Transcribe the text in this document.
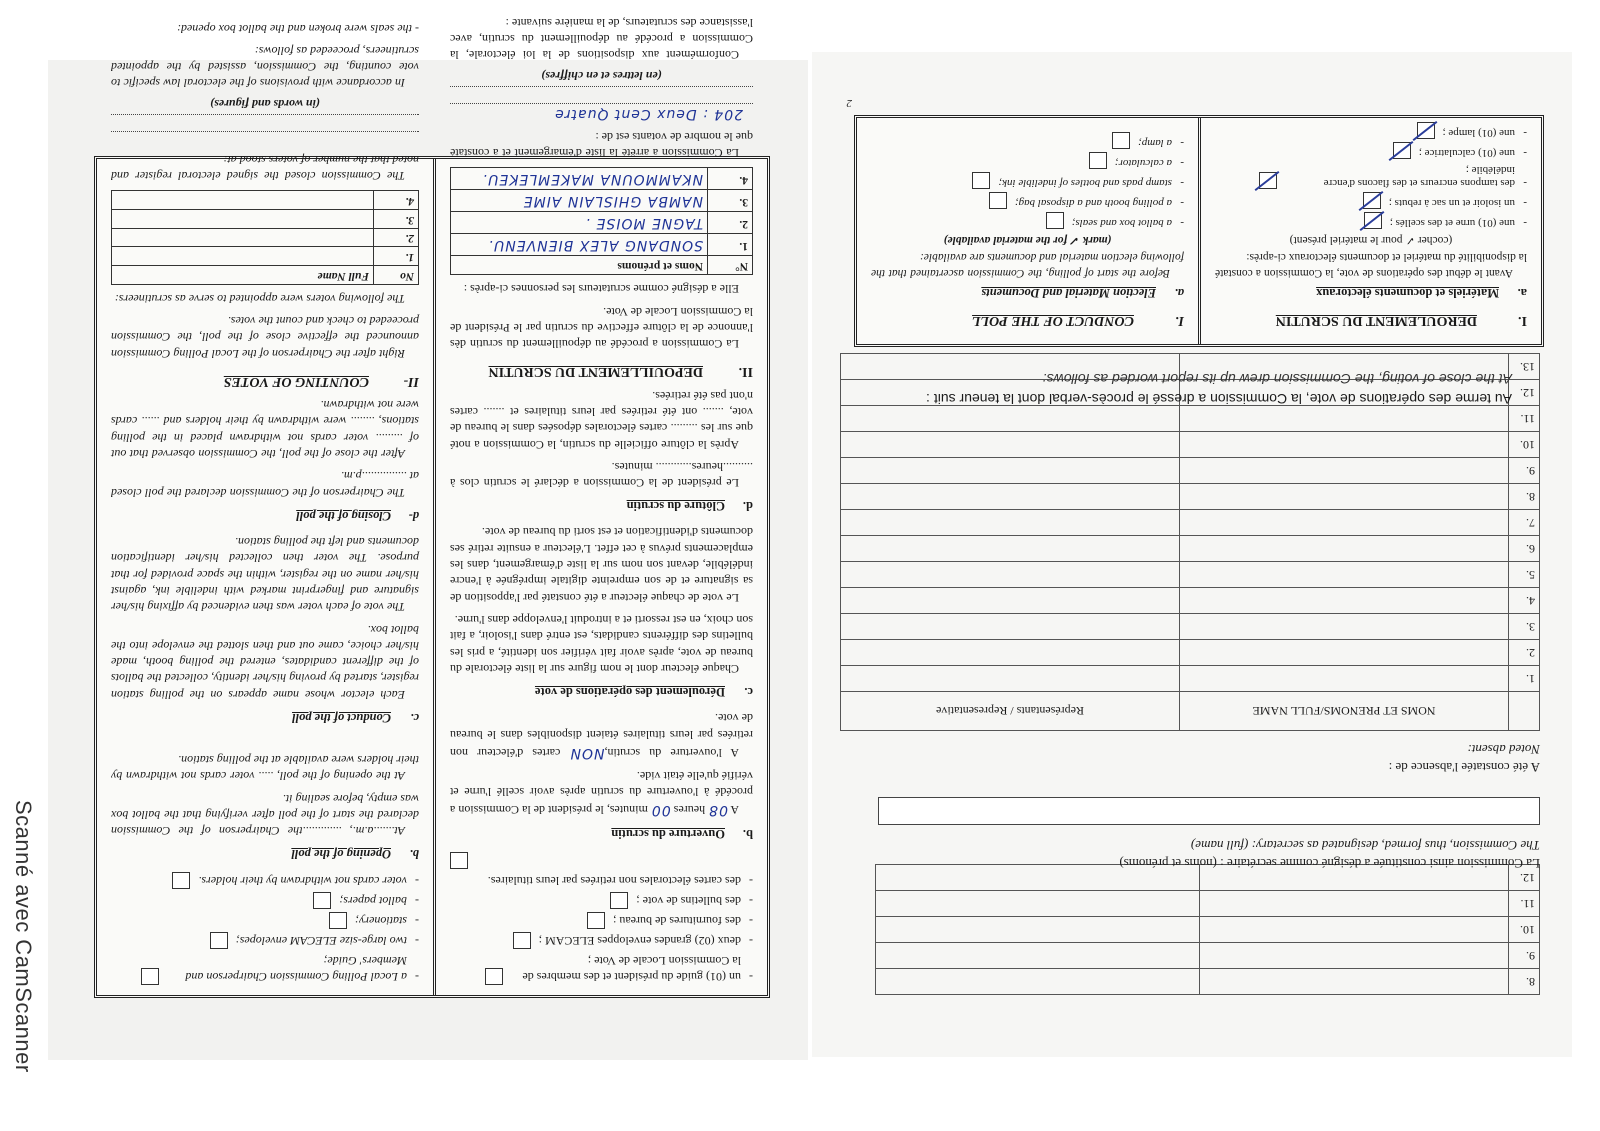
-
un (01) guide du président et des membres de la Commission Locale de Vote ;
-
deux (02) grandes enveloppes ELECAM ;
-
des fournitures de bureau ;
-
des bulletins de vote ;
-
des cartes électorales non retirées par leurs titulaires.
b.Ouverture du scrutin

A 08 heures 00 minutes, le président de la Commission a procédé à l'ouverture du scrutin après avoir scellé l'urne et vérifié qu'elle était vide.

A l'ouverture du scrutin,NON cartes d'électeur non retirées par leurs titulaires étaient disponibles dans le bureau de vote.

c.Déroulement des opérations de vote

Chaque électeur dont le nom figure sur la liste électorale du bureau de vote, après avoir fait vérifier son identité, a pris les bulletins des différents candidats, est entré dans l'isoloir, a fait son choix, en est ressorti et a introduit l'enveloppe dans l'urne.

Le vote de chaque électeur a été constaté par l'apposition de sa signature et de son empreinte digitale imprégnée à l'encre indélébile, devant son nom sur la liste d'émargement, dans les emplacements prévus à cet effet. L'électeur a ensuite retiré ses documents d'identification et est sorti du bureau de vote.

d.Clôture du scrutin

Le président de la Commission a déclaré le scrutin clos à ..........heures............ minutes.

Après la clôture officielle du scrutin, la Commission a noté que sur les ......... cartes électorales déposées dans le bureau de vote, ....... ont été retirées par leurs titulaires et ....... cartes n'ont pas été retirées.

II.DEPOUILLEMENT DU SCRUTIN

La Commission a procédé au dépouillement du scrutin dès l'annonce de la clôture effective du scrutin par le Président de la Commission Locale de Vote.

Elle a désigné comme scrutateurs les personnes ci-après :

N°	Noms et prénoms
1.	SONDANG ALEX BIENVENU.
2.	TAGNE MOISE .
3.	NAMBA GHISLAIN AIME
4.	NKAMMOUNA MAKEMLEKEU.

La Commission a arrêté la liste d'émargement et a constaté que le nombre de votants est de :

204 : Deux Cent Quatre
(en lettres et en chiffres)

Conformément aux dispositions de la loi électorale, la Commission a procédé au dépouillement du scrutin, avec l'assistance des scrutateurs, de la manière suivante :

-
a Local Polling Commission Chairperson and Members' Guide;
-
two large-size ELECAM envelopes;
-
stationery;
-
ballot papers;
-
voter cards not withdrawn by their holders.
b.Opening of the poll

At.......a.m., .............the Chairperson of the Commission declared the start of the poll after verifying that the ballot box was empty, before sealing it.

At the opening of the poll, ..... voter cards not withdrawn by their holders were available at the polling station.

c.Conduct of the poll

Each elector whose name appears on the polling station register, started by proving his/her identity, collected the ballots of the different candidates, entered the polling booth, made his/her choice, came out and then slotted the envelope into the ballot box.

The vote of each voter was then evidenced by affixing his/her signature and fingerprint marked with indelible ink, against his/her name on the register, within the space provided for that purpose. The voter then collected his/her identification documents and left the polling station.

d-Closing of the poll

The Chairperson of the Commission declared the poll closed at ...............p.m.

After the close of the poll, the Commission observed that out of ......... voter cards not withdrawn placed in the polling stations, ........ were withdrawn by their holders and ...... cards were not withdrawn.

II-COUNTING OF VOTES

Right after the Chairperson of the Local Polling Commission announced the effective close of the poll, the Commission proceeded to check and count the votes.

The following voters were appointed to serve as scrutineers:

No	Full Name
1.	
2.	
3.	
4.	

The Commission closed the signed electoral register and noted that the number of voters stood at:

(in words and figures)

In accordance with provisions of the electoral law specific to vote counting, the Commission, assisted by the appointed scrutineers, proceeded as follows:

- the seals were broken and the ballot box opened:

8.		
9.		
10.		
11.		
12.		
La Commission ainsi constituée a désigné comme secrétaire : (noms et prénoms)
The Commission, thus formed, designated as secretary: (full name)
A été constatée l'absence de :
Noted absent:
	NOMS ET PRENOMS/FULL NAME	Représentants / Representative
1.		
2.		
3.		
4.		
5.		
6.		
7.		
8.		
9.		
10.		
11.		
12.		
13.		
Au terme des opérations de vote, la Commission a dressé le procès-verbal dont la teneur suit :
At the close of voting, the Commission drew up its report worded as follows:
I.DEROULEMENT DU SCRUTIN
a.Matériels et documents électoraux

Avant le début des opérations de vote, la Commission a constaté la disponibilité du matériel et documents électoraux ci-après:

(cocher ✓ pour le matériel présent)
-
une (01) urne et des scellés ;
-
un isoloir et un sac à rebuts ;
-
des tampons encreurs et des flacons d'encre indélébile ;
-
une (01) calculatrice ;
-
une (01) lampe ;
I.CONDUCT OF THE POLL
a.Election Material and Documents

Before the start of polling, the Commission ascertained that the following election material and documents are available:

(mark ✓ for the material available)
-
a ballot box and seals;
-
a polling booth and a disposal bag;
-
stamp pads and bottles of indelible ink;
-
a calculator;
-
a lamp;
2
Scanné avec CamScanner
